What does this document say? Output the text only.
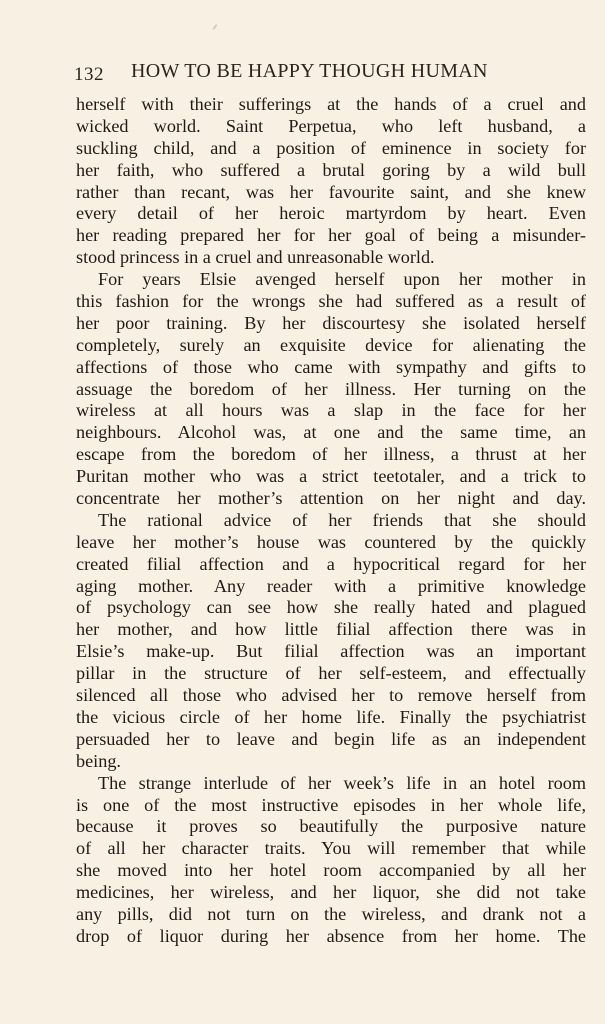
132 HOW TO BE HAPPY THOUGH HUMAN
herself with their sufferings at the hands of a cruel and
wicked world. Saint Perpetua, who left husband, a
suckling child, and a position of eminence in society for
her faith, who suffered a brutal goring by a wild bull
rather than recant, was her favourite saint, and she knew
every detail of her heroic martyrdom by heart. Even
her reading prepared her for her goal of being a misunder-
stood princess in a cruel and unreasonable world.
For years Elsie avenged herself upon her mother in
this fashion for the wrongs she had suffered as a result of
her poor training. By her discourtesy she isolated herself
completely, surely an exquisite device for alienating the
affections of those who came with sympathy and gifts to
assuage the boredom of her illness. Her turning on the
wireless at all hours was a slap in the face for her
neighbours. Alcohol was, at one and the same time, an
escape from the boredom of her illness, a thrust at her
Puritan mother who was a strict teetotaler, and a trick to
concentrate her mother’s attention on her night and day.
The rational advice of her friends that she should
leave her mother’s house was countered by the quickly
created filial affection and a hypocritical regard for her
aging mother. Any reader with a primitive knowledge
of psychology can see how she really hated and plagued
her mother, and how little filial affection there was in
Elsie’s make-up. But filial affection was an important
pillar in the structure of her self-esteem, and effectually
silenced all those who advised her to remove herself from
the vicious circle of her home life. Finally the psychiatrist
persuaded her to leave and begin life as an independent
being.
The strange interlude of her week’s life in an hotel room
is one of the most instructive episodes in her whole life,
because it proves so beautifully the purposive nature
of all her character traits. You will remember that while
she moved into her hotel room accompanied by all her
medicines, her wireless, and her liquor, she did not take
any pills, did not turn on the wireless, and drank not a
drop of liquor during her absence from her home. The
